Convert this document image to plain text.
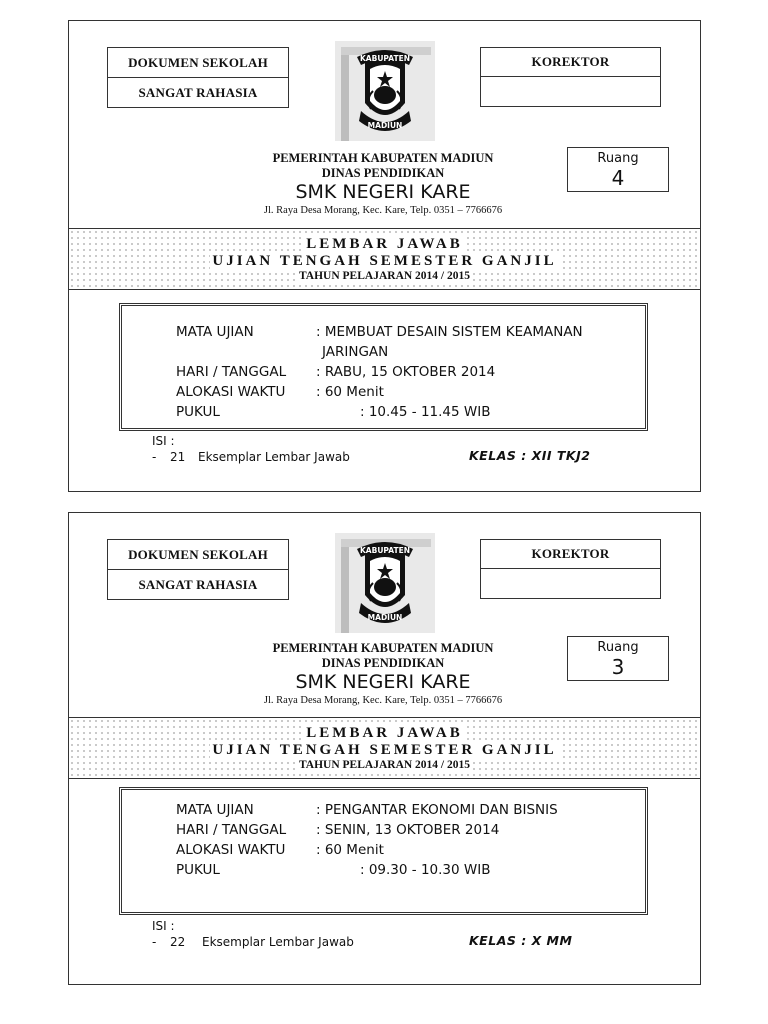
DOKUMEN SEKOLAH
SANGAT RAHASIA
KABUPATEN
MADIUN
KOREKTOR
PEMERINTAH KABUPATEN MADIUN
DINAS PENDIDIKAN
SMK NEGERI KARE
Jl. Raya Desa Morang, Kec. Kare, Telp. 0351 – 7766676
Ruang
4
LEMBAR JAWAB
UJIAN TENGAH SEMESTER GANJIL
TAHUN PELAJARAN 2014 / 2015
MATA UJIAN	: MEMBUAT DESAIN SISTEM KEAMANAN
JARINGAN
HARI / TANGGAL	: RABU, 15 OKTOBER 2014
ALOKASI WAKTU	: 60 Menit
PUKUL	: 10.45 - 11.45 WIB
ISI :
-	21	Eksemplar Lembar Jawab	KELAS : XII TKJ2
DOKUMEN SEKOLAH
SANGAT RAHASIA
KABUPATEN
MADIUN
KOREKTOR
PEMERINTAH KABUPATEN MADIUN
DINAS PENDIDIKAN
SMK NEGERI KARE
Jl. Raya Desa Morang, Kec. Kare, Telp. 0351 – 7766676
Ruang
3
LEMBAR JAWAB
UJIAN TENGAH SEMESTER GANJIL
TAHUN PELAJARAN 2014 / 2015
MATA UJIAN	: PENGANTAR EKONOMI DAN BISNIS
HARI / TANGGAL	: SENIN, 13 OKTOBER 2014
ALOKASI WAKTU	: 60 Menit
PUKUL	: 09.30 - 10.30 WIB
ISI :
-	22	Eksemplar Lembar Jawab	KELAS : X MM
